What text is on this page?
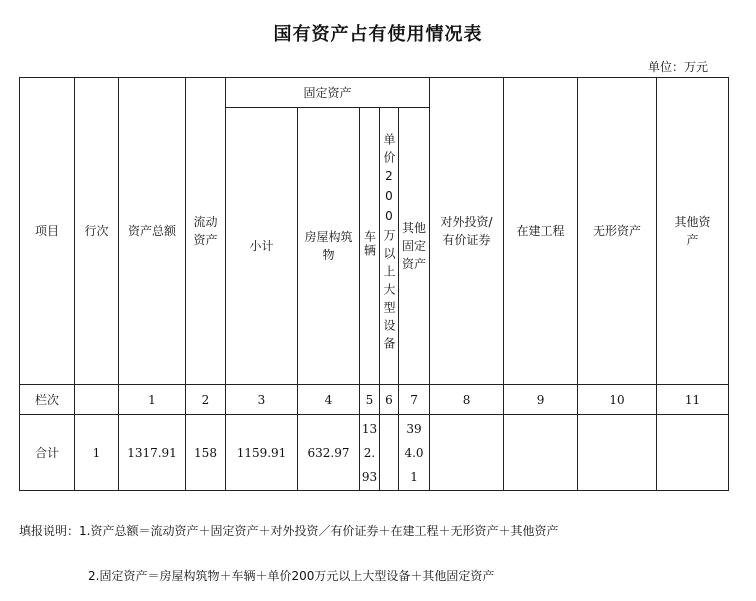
国有资产占有使用情况表
单位：万元
项目	行次	资产总额	流动资产	固定资产					对外投资/有价证券	在建工程	无形资产	其他资产
				小计	房屋构筑物	车辆	单价200万以上大型设备	其他固定资产				
栏次		1	2	3	4	5	6	7	8	9	10	11
合计	1	1317.91	158	1159.91	632.97	132.93		394.01				
填报说明：1.资产总额＝流动资产＋固定资产＋对外投资／有价证券＋在建工程＋无形资产＋其他资产
2.固定资产＝房屋构筑物＋车辆＋单价200万元以上大型设备＋其他固定资产
